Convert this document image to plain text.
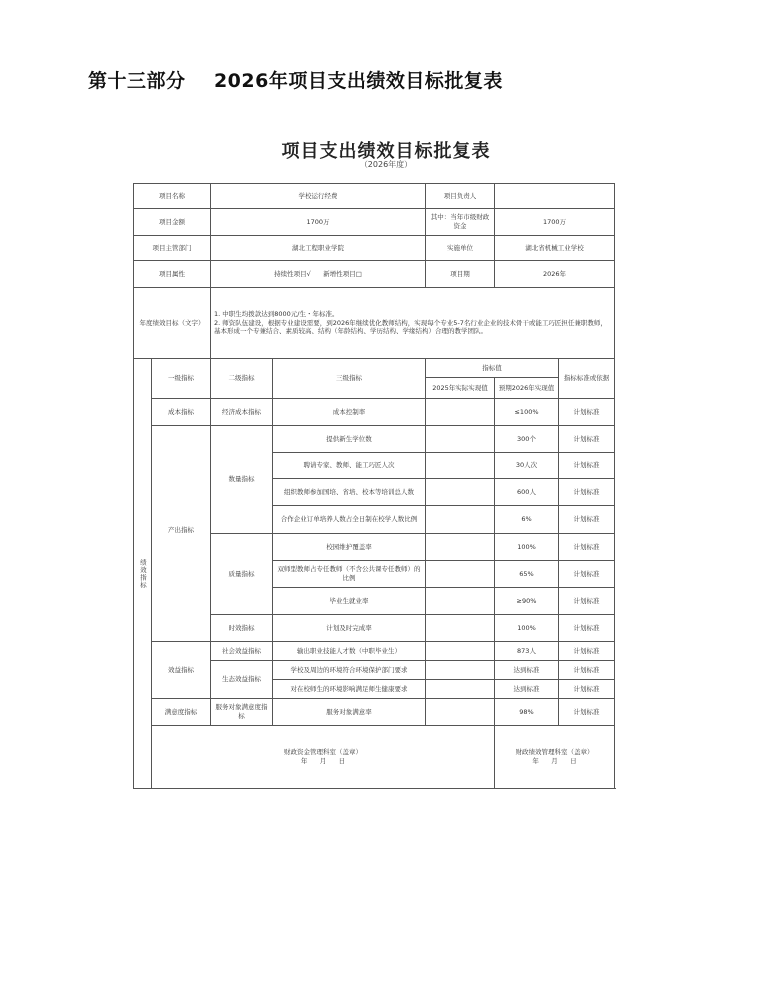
第十三部分    2026年项目支出绩效目标批复表
项目支出绩效目标批复表
（2026年度）
项目名称		学校运行经费		项目负责人		
项目金额		1700万		其中：当年市级财政资金	1700万	
项目主管部门		湖北工程职业学院		实施单位	湖北省机械工业学校	
项目属性		持续性项目√      新增性项目□		项目期	2026年	
年度绩效目标（文字）		1. 中职生均拨款达到8000元/生・年标准。
2. 师资队伍建设，根据专业建设需要，到2026年继续优化教师结构，实现每个专业5-7名行业企业的技术骨干或能工巧匠担任兼职教师，基本形成一个专兼结合、素质较高、结构（年龄结构、学历结构、学缘结构）合理的教学团队。				

绩效指标	一级指标	二级指标	三级指标	指标值		指标标准或依据
				2025年实际实现值	预期2026年实现值	
	成本指标	经济成本指标	成本控制率		≤100%	计划标准
	产出指标	数量指标	提供新生学位数		300个	计划标准
			聘请专家、教师、能工巧匠人次		30人次	计划标准
			组织教师参加国培、省培、校本等培训总人数		600人	计划标准
			合作企业订单培养人数占全日制在校学人数比例		6%	计划标准
		质量指标	校园维护覆盖率		100%	计划标准
			双师型教师占专任教师（不含公共课专任教师）的比例		65%	计划标准
			毕业生就业率		≥90%	计划标准
		时效指标	计划及时完成率		100%	计划标准
	效益指标	社会效益指标	输出职业技能人才数（中职毕业生）		873人	计划标准
		生态效益指标	学校及周边的环境符合环境保护部门要求		达到标准	计划标准
			对在校师生的环境影响满足师生健康要求		达到标准	计划标准
	满意度指标	服务对象满意度指标	服务对象满意率		98%	计划标准

财政资金管理科室（盖章）
年      月      日

财政绩效管理科室（盖章）
年      月      日
